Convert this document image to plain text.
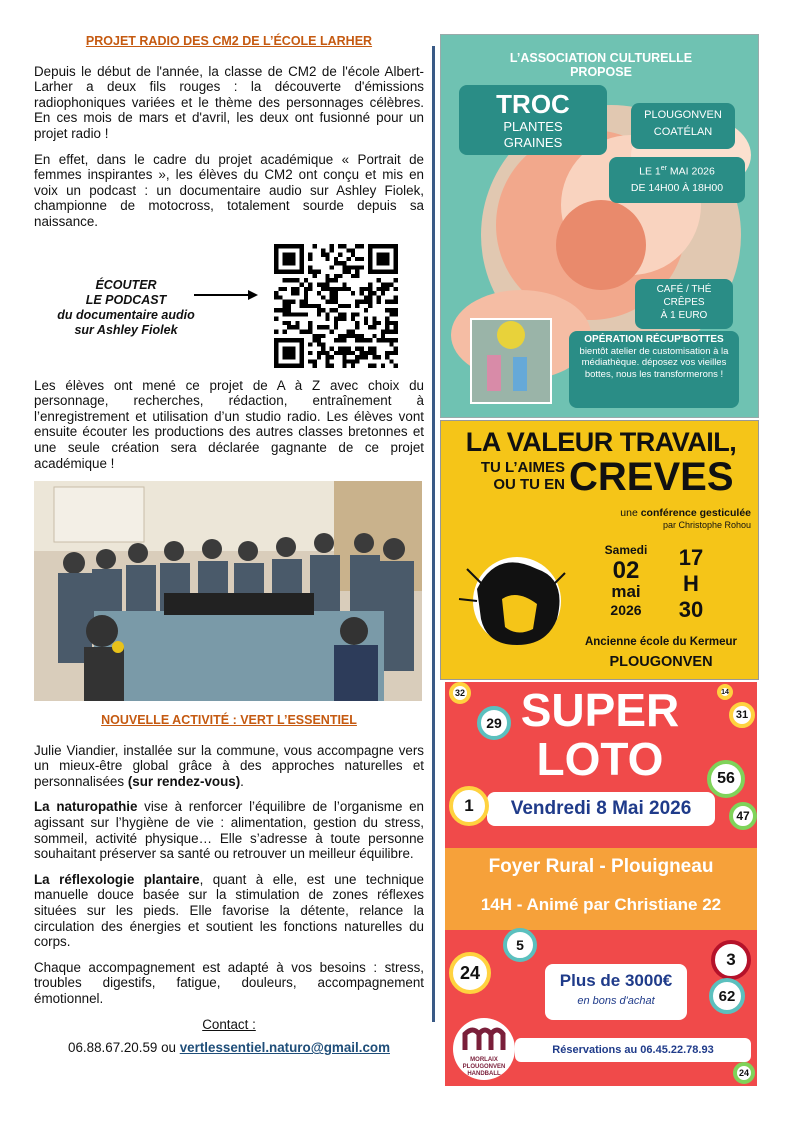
PROJET RADIO DES CM2 DE L’ÉCOLE LARHER

Depuis le début de l'année, la classe de CM2 de l'école Albert-Larher a deux fils rouges : la découverte d'émissions radiophoniques variées et le thème des personnages célèbres. En ces mois de mars et d'avril, les deux ont fusionné pour un projet radio !

En effet, dans le cadre du projet académique « Portrait de femmes inspirantes », les élèves du CM2 ont conçu et mis en voix un podcast : un documentaire audio sur Ashley Fiolek, championne de motocross, totalement sourde depuis sa naissance.

ÉCOUTER
LE PODCAST
du documentaire audio
sur Ashley Fiolek

Les élèves ont mené ce projet de A à Z avec choix du personnage, recherches, rédaction, entraînement à l’enregistrement et utilisation d’un studio radio. Les élèves vont ensuite écouter les productions des autres classes bretonnes et une seule création sera déclarée gagnante de ce projet académique !

NOUVELLE ACTIVITÉ : VERT L’ESSENTIEL

Julie Viandier, installée sur la commune, vous accompagne vers un mieux-être global grâce à des approches naturelles et personnalisées (sur rendez-vous).

La naturopathie vise à renforcer l’équilibre de l’organisme en agissant sur l’hygiène de vie : alimentation, gestion du stress, sommeil, activité physique… Elle s’adresse à toute personne souhaitant préserver sa santé ou retrouver un meilleur équilibre.

La réflexologie plantaire, quant à elle, est une technique manuelle douce basée sur la stimulation de zones réflexes situées sur les pieds. Elle favorise la détente, relance la circulation des énergies et soutient les fonctions naturelles du corps.

Chaque accompagnement est adapté à vos besoins : stress, troubles digestifs, fatigue, douleurs, accompagnement émotionnel.

Contact :
06.88.67.20.59 ou vertlessentiel.naturo@gmail.com
L’ASSOCIATION CULTURELLE
PROPOSE
TROC
PLANTES
GRAINES
PLOUGONVEN
COATÉLAN
LE 1er MAI 2026
DE 14H00 À 18H00
CAFÉ / THÉ
CRÊPES
À 1 EURO
OPÉRATION RÉCUP'BOTTES
bientôt atelier de customisation à la médiathèque. déposez vos vieilles bottes, nous les transformerons !
LA VALEUR TRAVAIL,
TU L’AIMES
OU TU EN CREVES
une conférence gesticulée
par Christophe Rohou
Samedi
02
mai
2026
17
H
30
Ancienne école du Kermeur
PLOUGONVEN
SUPER
LOTO
Vendredi 8 Mai 2026
Foyer Rural - Plouigneau
14H - Animé par Christiane 22
Plus de 3000€
en bons d'achat
Réservations au 06.45.22.78.93
MORLAIX
PLOUGONVEN
HANDBALL
32
29
14
31
56
1
47
5
24
3
62
24
